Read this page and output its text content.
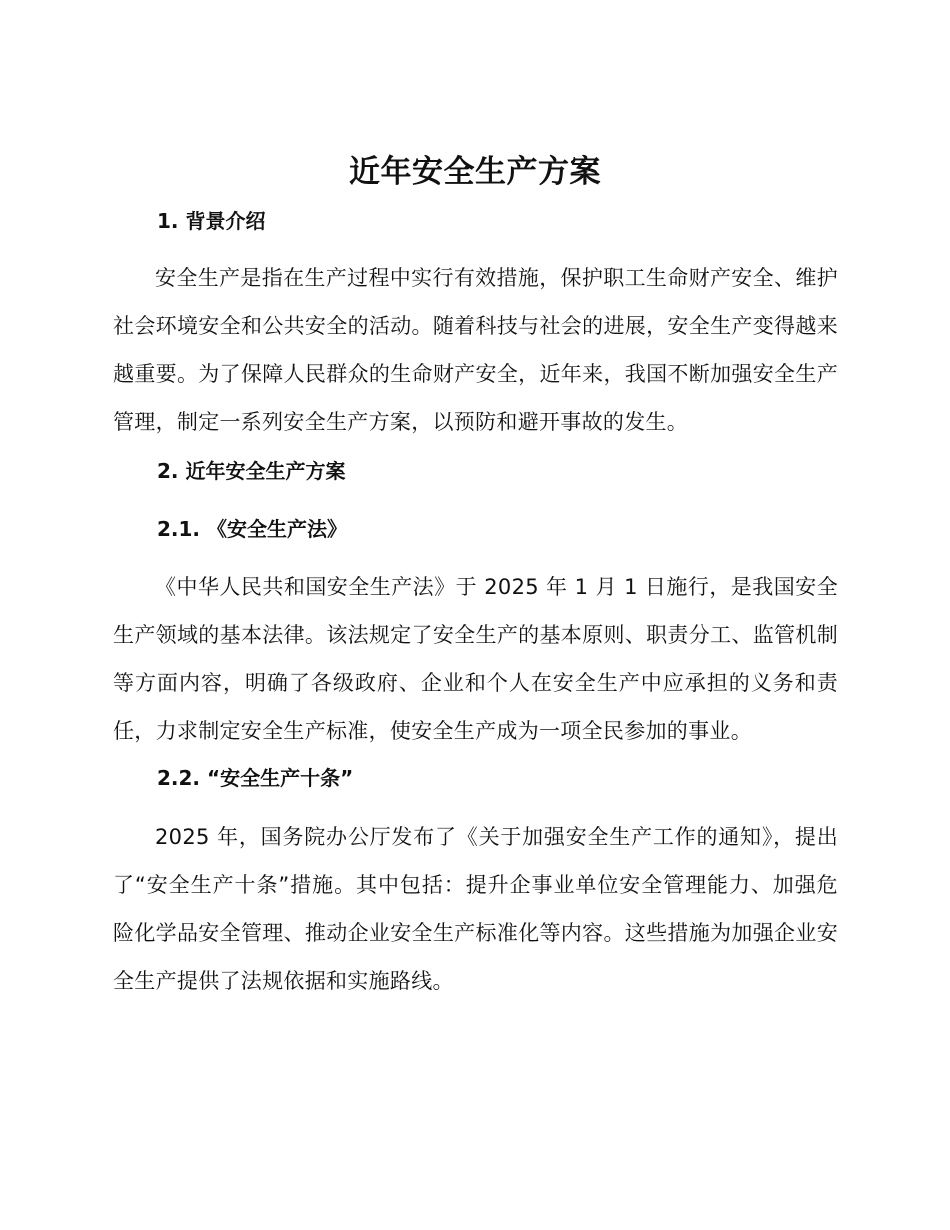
近年安全生产方案
1. 背景介绍

安全生产是指在生产过程中实行有效措施，保护职工生命财产安全、维护社会环境安全和公共安全的活动。随着科技与社会的进展，安全生产变得越来越重要。为了保障人民群众的生命财产安全，近年来，我国不断加强安全生产管理，制定一系列安全生产方案，以预防和避开事故的发生。

2. 近年安全生产方案
2.1. 《安全生产法》

《中华人民共和国安全生产法》于 2025 年 1 月 1 日施行，是我国安全生产领域的基本法律。该法规定了安全生产的基本原则、职责分工、监管机制等方面内容，明确了各级政府、企业和个人在安全生产中应承担的义务和责任，力求制定安全生产标准，使安全生产成为一项全民参加的事业。

2.2. “安全生产十条”

2025 年，国务院办公厅发布了《关于加强安全生产工作的通知》，提出了“安全生产十条”措施。其中包括：提升企事业单位安全管理能力、加强危险化学品安全管理、推动企业安全生产标准化等内容。这些措施为加强企业安全生产提供了法规依据和实施路线。
